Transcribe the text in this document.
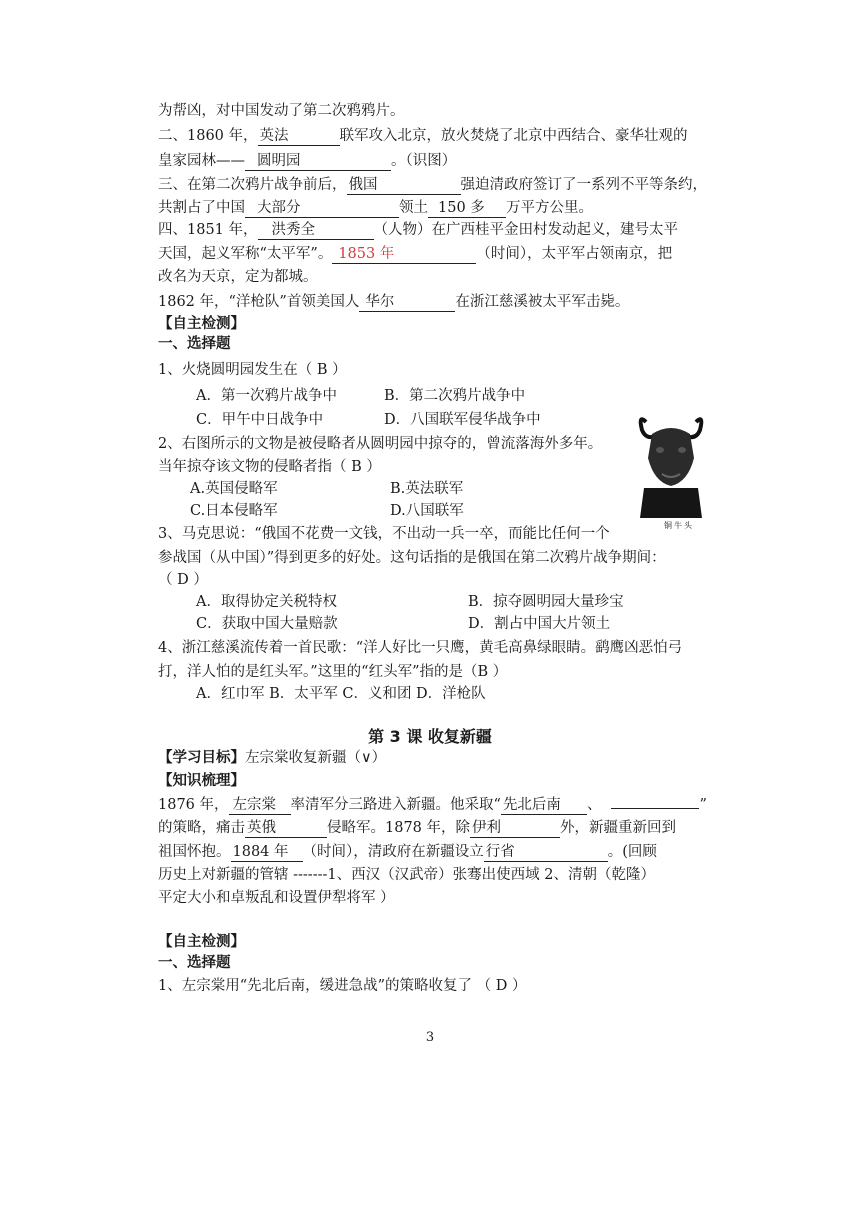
为帮凶，对中国发动了第二次鸦鸦片。
二、1860 年， 英法	联军攻入北京，放火焚烧了北京中西结合、豪华壮观的
皇家园林—— 圆明园	。（识图）
三、在第二次鸦片战争前后， 俄国	强迫清政府签订了一系列不平等条约，
共割占了中国 大部分	领土 150 多 万平方公里。
四、1851 年， 洪秀全	（人物）在广西桂平金田村发动起义，建号太平
天国，起义军称“太平军”。 1853 年	（时间），太平军占领南京，把
改名为天京，定为都城。
1862 年，“洋枪队”首领美国人 华尔	在浙江慈溪被太平军击毙。
【自主检测】
一、选择题
1、火烧圆明园发生在（ B ）
A．第一次鸦片战争中	B．第二次鸦片战争中
C．甲午中日战争中	D．八国联军侵华战争中
2、右图所示的文物是被侵略者从圆明园中掠夺的，曾流落海外多年。
当年掠夺该文物的侵略者指（ B ）
A.英国侵略军	B.英法联军
C.日本侵略军	D.八国联军
铜牛头
3、马克思说：“俄国不花费一文钱，不出动一兵一卒，而能比任何一个
参战国（从中国）”得到更多的好处。这句话指的是俄国在第二次鸦片战争期间：
（ D ）
A．取得协定关税特权	B．掠夺圆明园大量珍宝
C．获取中国大量赔款	D．割占中国大片领土
4、浙江慈溪流传着一首民歌：“洋人好比一只鹰，黄毛高鼻绿眼睛。鹞鹰凶恶怕弓
打，洋人怕的是红头军。”这里的“红头军”指的是（B ）
A．红巾军 B．太平军 C．义和团 D．洋枪队
第 3 课 收复新疆
【学习目标】左宗棠收复新疆（∨）
【知识梳理】
1876 年， 左宗棠 率清军分三路进入新疆。他采取“ 先北后南 、	”
的策略，痛击 英俄	侵略军。1878 年，除 伊利	外，新疆重新回到
祖国怀抱。 1884 年 （时间），清政府在新疆设立 行省	。(回顾
历史上对新疆的管辖 -------1、西汉（汉武帝）张骞出使西域 2、清朝（乾隆）
平定大小和卓叛乱和设置伊犁将军 ）
【自主检测】
一、选择题
1、左宗棠用“先北后南，缓进急战”的策略收复了 （ D ）
3
